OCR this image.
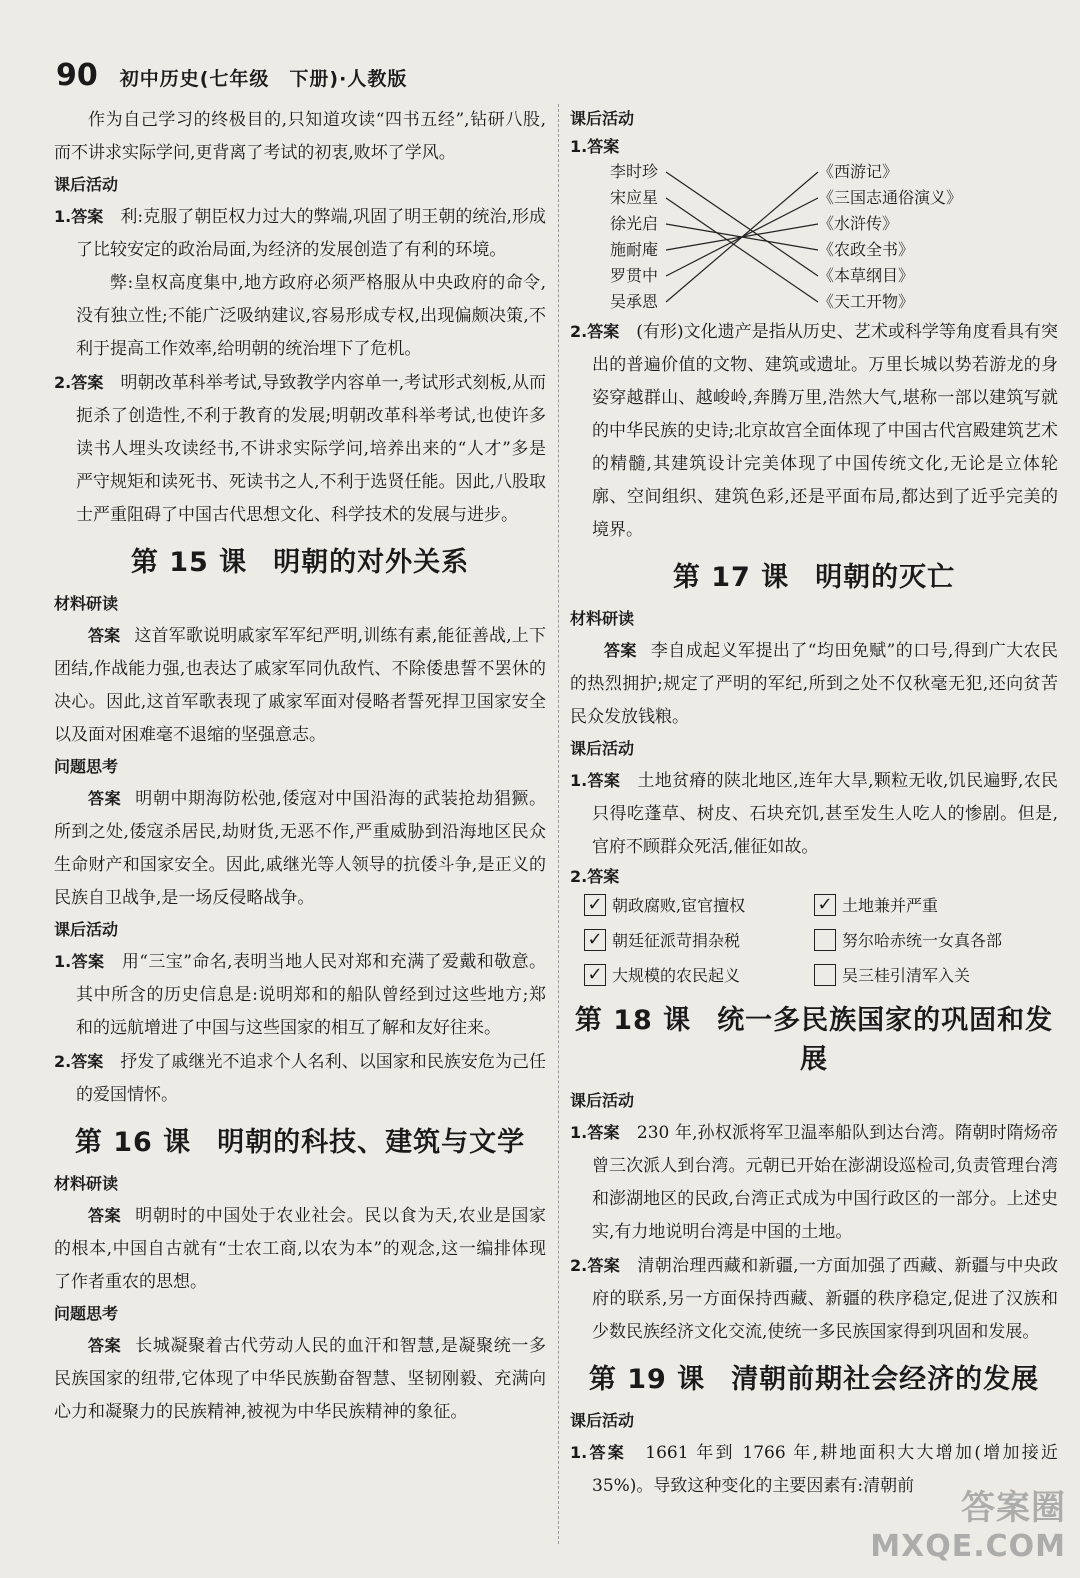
90 初中历史(七年级　下册)·人教版

作为自己学习的终极目的,只知道攻读“四书五经”,钻研八股,而不讲求实际学问,更背离了考试的初衷,败坏了学风。

课后活动

1.答案　 利:克服了朝臣权力过大的弊端,巩固了明王朝的统治,形成了比较安定的政治局面,为经济的发展创造了有利的环境。

弊:皇权高度集中,地方政府必须严格服从中央政府的命令,没有独立性;不能广泛吸纳建议,容易形成专权,出现偏颇决策,不利于提高工作效率,给明朝的统治埋下了危机。

2.答案　 明朝改革科举考试,导致教学内容单一,考试形式刻板,从而扼杀了创造性,不利于教育的发展;明朝改革科举考试,也使许多读书人埋头攻读经书,不讲求实际学问,培养出来的“人才”多是严守规矩和读死书、死读书之人,不利于选贤任能。因此,八股取士严重阻碍了中国古代思想文化、科学技术的发展与进步。

第 15 课 明朝的对外关系
材料研读

答案 这首军歌说明戚家军军纪严明,训练有素,能征善战,上下团结,作战能力强,也表达了戚家军同仇敌忾、不除倭患誓不罢休的决心。因此,这首军歌表现了戚家军面对侵略者誓死捍卫国家安全以及面对困难毫不退缩的坚强意志。

问题思考

答案 明朝中期海防松弛,倭寇对中国沿海的武装抢劫猖獗。所到之处,倭寇杀居民,劫财货,无恶不作,严重威胁到沿海地区民众生命财产和国家安全。因此,戚继光等人领导的抗倭斗争,是正义的民族自卫战争,是一场反侵略战争。

课后活动

1.答案　 用“三宝”命名,表明当地人民对郑和充满了爱戴和敬意。其中所含的历史信息是:说明郑和的船队曾经到过这些地方;郑和的远航增进了中国与这些国家的相互了解和友好往来。

2.答案　 抒发了戚继光不追求个人名利、以国家和民族安危为己任的爱国情怀。

第 16 课 明朝的科技、建筑与文学
材料研读

答案 明朝时的中国处于农业社会。民以食为天,农业是国家的根本,中国自古就有“士农工商,以农为本”的观念,这一编排体现了作者重农的思想。

问题思考

答案 长城凝聚着古代劳动人民的血汗和智慧,是凝聚统一多民族国家的纽带,它体现了中华民族勤奋智慧、坚韧刚毅、充满向心力和凝聚力的民族精神,被视为中华民族精神的象征。

课后活动
1.答案
李时珍
宋应星
徐光启
施耐庵
罗贯中
吴承恩
《西游记》
《三国志通俗演义》
《水浒传》
《农政全书》
《本草纲目》
《天工开物》

2.答案　 (有形)文化遗产是指从历史、艺术或科学等角度看具有突出的普遍价值的文物、建筑或遗址。万里长城以势若游龙的身姿穿越群山、越峻岭,奔腾万里,浩然大气,堪称一部以建筑写就的中华民族的史诗;北京故宫全面体现了中国古代宫殿建筑艺术的精髓,其建筑设计完美体现了中国传统文化,无论是立体轮廓、空间组织、建筑色彩,还是平面布局,都达到了近乎完美的境界。

第 17 课 明朝的灭亡
材料研读

答案 李自成起义军提出了“均田免赋”的口号,得到广大农民的热烈拥护;规定了严明的军纪,所到之处不仅秋毫无犯,还向贫苦民众发放钱粮。

课后活动

1.答案　 土地贫瘠的陕北地区,连年大旱,颗粒无收,饥民遍野,农民只得吃蓬草、树皮、石块充饥,甚至发生人吃人的惨剧。但是,官府不顾群众死活,催征如故。

2.答案
✓ 朝政腐败,宦官擅权	✓ 土地兼并严重
✓ 朝廷征派苛捐杂税	努尔哈赤统一女真各部
✓ 大规模的农民起义	吴三桂引清军入关
第 18 课 统一多民族国家的巩固和发展
课后活动

1.答案　 230 年,孙权派将军卫温率船队到达台湾。隋朝时隋炀帝曾三次派人到台湾。元朝已开始在澎湖设巡检司,负责管理台湾和澎湖地区的民政,台湾正式成为中国行政区的一部分。上述史实,有力地说明台湾是中国的土地。

2.答案　 清朝治理西藏和新疆,一方面加强了西藏、新疆与中央政府的联系,另一方面保持西藏、新疆的秩序稳定,促进了汉族和少数民族经济文化交流,使统一多民族国家得到巩固和发展。

第 19 课 清朝前期社会经济的发展
课后活动

1.答案　 1661 年到 1766 年,耕地面积大大增加(增加接近35%)。导致这种变化的主要因素有:清朝前

答案圈
MXQE.COM
